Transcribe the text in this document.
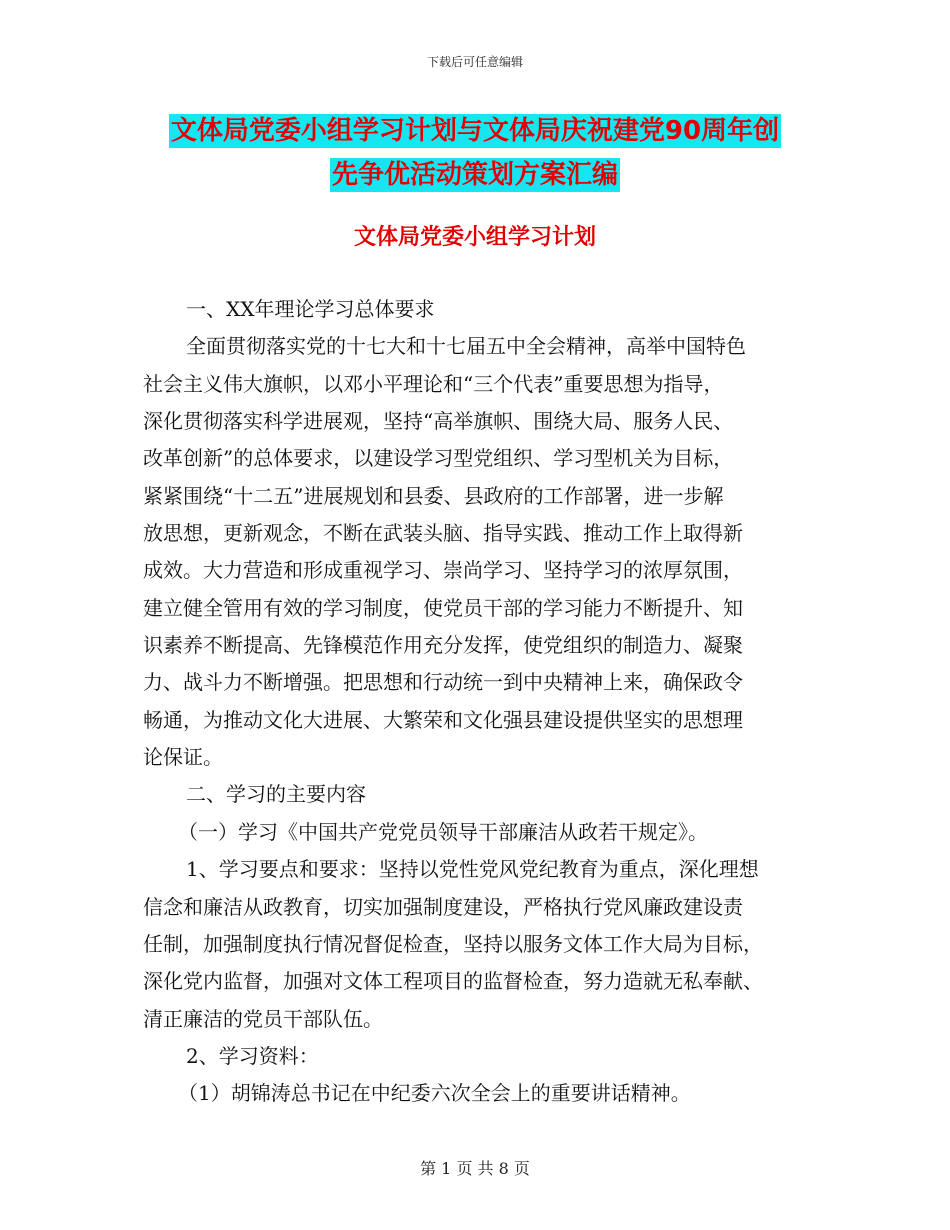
下载后可任意编辑
文体局党委小组学习计划与文体局庆祝建党90周年创
先争优活动策划方案汇编
文体局党委小组学习计划
一、XX年理论学习总体要求
全面贯彻落实党的十七大和十七届五中全会精神，高举中国特色
社会主义伟大旗帜，以邓小平理论和“三个代表”重要思想为指导，
深化贯彻落实科学进展观，坚持“高举旗帜、围绕大局、服务人民、
改革创新”的总体要求，以建设学习型党组织、学习型机关为目标，
紧紧围绕“十二五”进展规划和县委、县政府的工作部署，进一步解
放思想，更新观念，不断在武装头脑、指导实践、推动工作上取得新
成效。大力营造和形成重视学习、崇尚学习、坚持学习的浓厚氛围，
建立健全管用有效的学习制度，使党员干部的学习能力不断提升、知
识素养不断提高、先锋模范作用充分发挥，使党组织的制造力、凝聚
力、战斗力不断增强。把思想和行动统一到中央精神上来，确保政令
畅通，为推动文化大进展、大繁荣和文化强县建设提供坚实的思想理
论保证。
二、学习的主要内容
（一）学习《中国共产党党员领导干部廉洁从政若干规定》。
1、学习要点和要求：坚持以党性党风党纪教育为重点，深化理想
信念和廉洁从政教育，切实加强制度建设，严格执行党风廉政建设责
任制，加强制度执行情况督促检查，坚持以服务文体工作大局为目标，
深化党内监督，加强对文体工程项目的监督检查，努力造就无私奉献、
清正廉洁的党员干部队伍。
2、学习资料：
（1）胡锦涛总书记在中纪委六次全会上的重要讲话精神。
第 1 页 共 8 页
